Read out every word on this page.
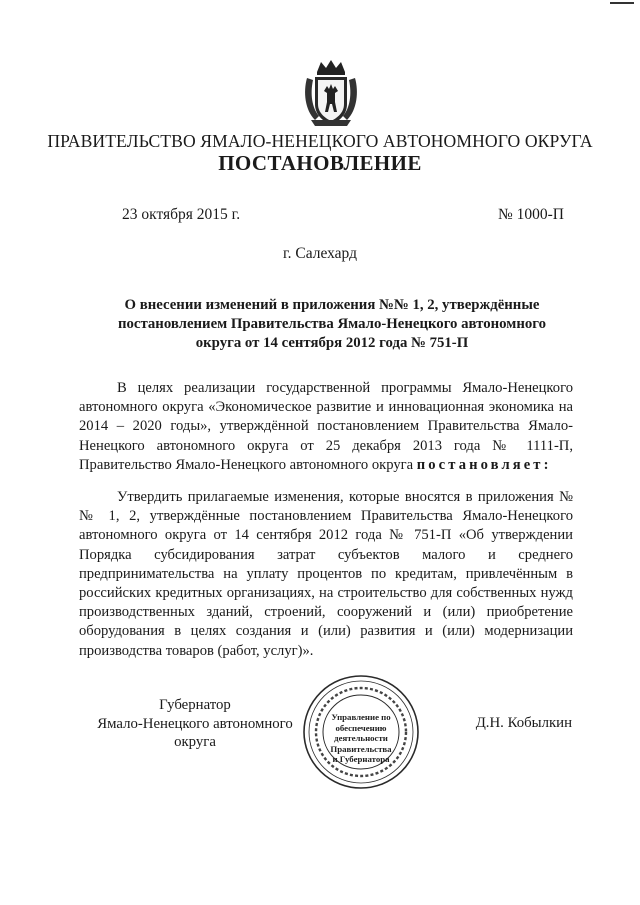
ПРАВИТЕЛЬСТВО ЯМАЛО-НЕНЕЦКОГО АВТОНОМНОГО ОКРУГА
ПОСТАНОВЛЕНИЕ
23 октября 2015 г.	№ 1000-П
г. Салехард
О внесении изменений в приложения №№ 1, 2, утверждённые постановлением Правительства Ямало-Ненецкого автономного округа от 14 сентября 2012 года № 751-П
В целях реализации государственной программы Ямало-Ненецкого автономного округа «Экономическое развитие и инновационная экономика на 2014 – 2020 годы», утверждённой постановлением Правительства Ямало-Ненецкого автономного округа от 25 декабря 2013 года № 1111-П, Правительство Ямало-Ненецкого автономного округа постановляет:
Утвердить прилагаемые изменения, которые вносятся в приложения №№ 1, 2, утверждённые постановлением Правительства Ямало-Ненецкого автономного округа от 14 сентября 2012 года № 751-П «Об утверждении Порядка субсидирования затрат субъектов малого и среднего предпринимательства на уплату процентов по кредитам, привлечённым в российских кредитных организациях, на строительство для собственных нужд производственных зданий, строений, сооружений и (или) приобретение оборудования в целях создания и (или) развития и (или) модернизации производства товаров (работ, услуг)».
Губернатор
Ямало-Ненецкого автономного округа
Управление по
обеспечению
деятельности
Правительства
и Губернатора
Д.Н. Кобылкин
